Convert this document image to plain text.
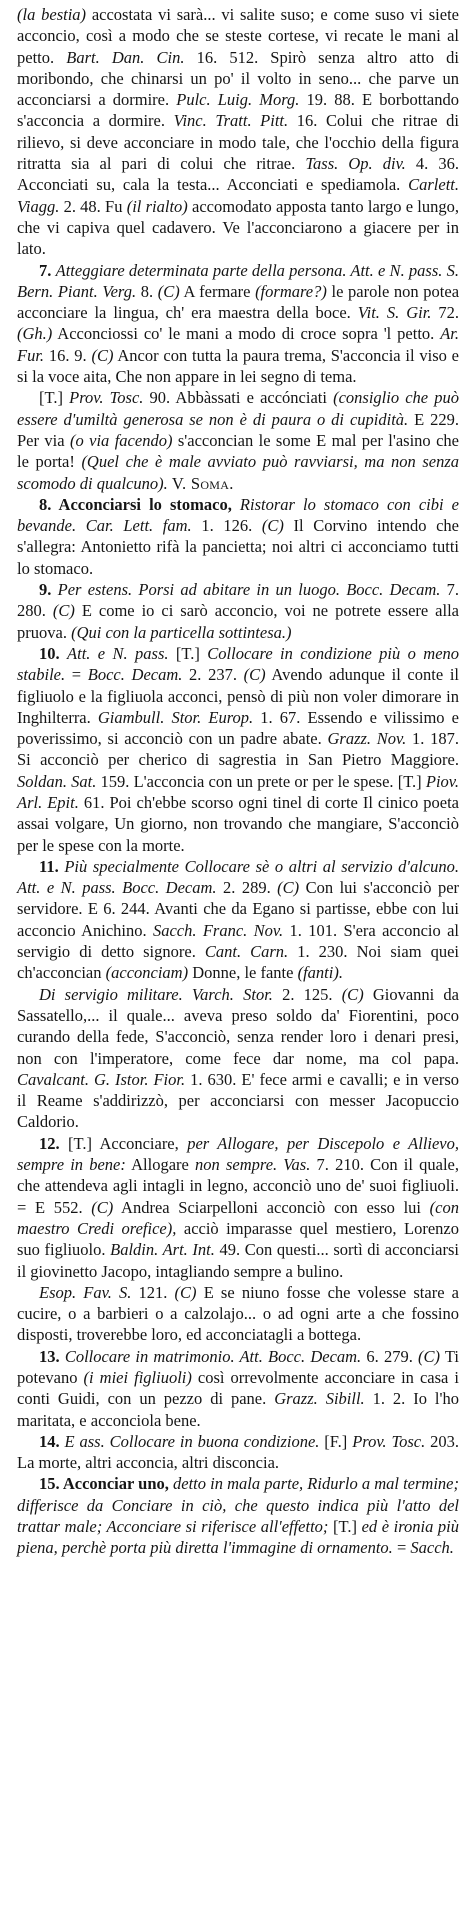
(la bestia) accostata vi sarà... vi salite suso; e come suso vi siete acconcio, così a modo che se steste cortese, vi recate le mani al petto. Bart. Dan. Cin. 16. 512. Spirò senza altro atto di moribondo, che chinarsi un po' il volto in seno... che parve un acconciarsi a dormire. Pulc. Luig. Morg. 19. 88. E borbottando s'acconcia a dormire. Vinc. Tratt. Pitt. 16. Colui che ritrae di rilievo, si deve acconciare in modo tale, che l'occhio della figura ritratta sia al pari di colui che ritrae. Tass. Op. div. 4. 36. Acconciati su, cala la testa... Acconciati e spediamola. Carlett. Viagg. 2. 48. Fu (il rialto) accomodato apposta tanto largo e lungo, che vi capiva quel cadavero. Ve l'acconciarono a giacere per in lato.

7. Atteggiare determinata parte della persona. Att. e N. pass. S. Bern. Piant. Verg. 8. (C) A fermare (formare?) le parole non potea acconciare la lingua, ch' era maestra della boce. Vit. S. Gir. 72. (Gh.) Acconciossi co' le mani a modo di croce sopra 'l petto. Ar. Fur. 16. 9. (C) Ancor con tutta la paura trema, S'acconcia il viso e si la voce aita, Che non appare in lei segno di tema.

[T.] Prov. Tosc. 90. Abbàssati e accónciati (consiglio che può essere d'umiltà generosa se non è di paura o di cupidità. E 229. Per via (o via facendo) s'acconcian le some E mal per l'asino che le porta! (Quel che è male avviato può ravviarsi, ma non senza scomodo di qualcuno). V. Soma.

8. Acconciarsi lo stomaco, Ristorar lo stomaco con cibi e bevande. Car. Lett. fam. 1. 126. (C) Il Corvino intendo che s'allegra: Antonietto rifà la pancietta; noi altri ci acconciamo tutti lo stomaco.

9. Per estens. Porsi ad abitare in un luogo. Bocc. Decam. 7. 280. (C) E come io ci sarò acconcio, voi ne potrete essere alla pruova. (Qui con la particella sottintesa.)

10. Att. e N. pass. [T.] Collocare in condizione più o meno stabile. = Bocc. Decam. 2. 237. (C) Avendo adunque il conte il figliuolo e la figliuola acconci, pensò di più non voler dimorare in Inghilterra. Giambull. Stor. Europ. 1. 67. Essendo e vilissimo e poverissimo, si acconciò con un padre abate. Grazz. Nov. 1. 187. Si acconciò per cherico di sagrestia in San Pietro Maggiore. Soldan. Sat. 159. L'acconcia con un prete or per le spese. [T.] Piov. Arl. Epit. 61. Poi ch'ebbe scorso ogni tinel di corte Il cinico poeta assai volgare, Un giorno, non trovando che mangiare, S'acconciò per le spese con la morte.

11. Più specialmente Collocare sè o altri al servizio d'alcuno. Att. e N. pass. Bocc. Decam. 2. 289. (C) Con lui s'acconciò per servidore. E 6. 244. Avanti che da Egano si partisse, ebbe con lui acconcio Anichino. Sacch. Franc. Nov. 1. 101. S'era acconcio al servigio di detto signore. Cant. Carn. 1. 230. Noi siam quei ch'acconcian (acconciam) Donne, le fante (fanti).

Di servigio militare. Varch. Stor. 2. 125. (C) Giovanni da Sassatello,... il quale... aveva preso soldo da' Fiorentini, poco curando della fede, S'acconciò, senza render loro i denari presi, non con l'imperatore, come fece dar nome, ma col papa. Cavalcant. G. Istor. Fior. 1. 630. E' fece armi e cavalli; e in verso il Reame s'addirizzò, per acconciarsi con messer Jacopuccio Caldorio.

12. [T.] Acconciare, per Allogare, per Discepolo e Allievo, sempre in bene: Allogare non sempre. Vas. 7. 210. Con il quale, che attendeva agli intagli in legno, acconciò uno de' suoi figliuoli. = E 552. (C) Andrea Sciarpelloni acconciò con esso lui (con maestro Credi orefice), acciò imparasse quel mestiero, Lorenzo suo figliuolo. Baldin. Art. Int. 49. Con questi... sortì di acconciarsi il giovinetto Jacopo, intagliando sempre a bulino.

Esop. Fav. S. 121. (C) E se niuno fosse che volesse stare a cucire, o a barbieri o a calzolajo... o ad ogni arte a che fossino disposti, troverebbe loro, ed acconciatagli a bottega.

13. Collocare in matrimonio. Att. Bocc. Decam. 6. 279. (C) Ti potevano (i miei figliuoli) così orrevolmente acconciare in casa i conti Guidi, con un pezzo di pane. Grazz. Sibill. 1. 2. Io l'ho maritata, e acconciola bene.

14. E ass. Collocare in buona condizione. [F.] Prov. Tosc. 203. La morte, altri acconcia, altri disconcia.

15. Acconciar uno, detto in mala parte, Ridurlo a mal termine; differisce da Conciare in ciò, che questo indica più l'atto del trattar male; Acconciare si riferisce all'effetto; [T.] ed è ironia più piena, perchè porta più diretta l'immagine di ornamento. = Sacch.
